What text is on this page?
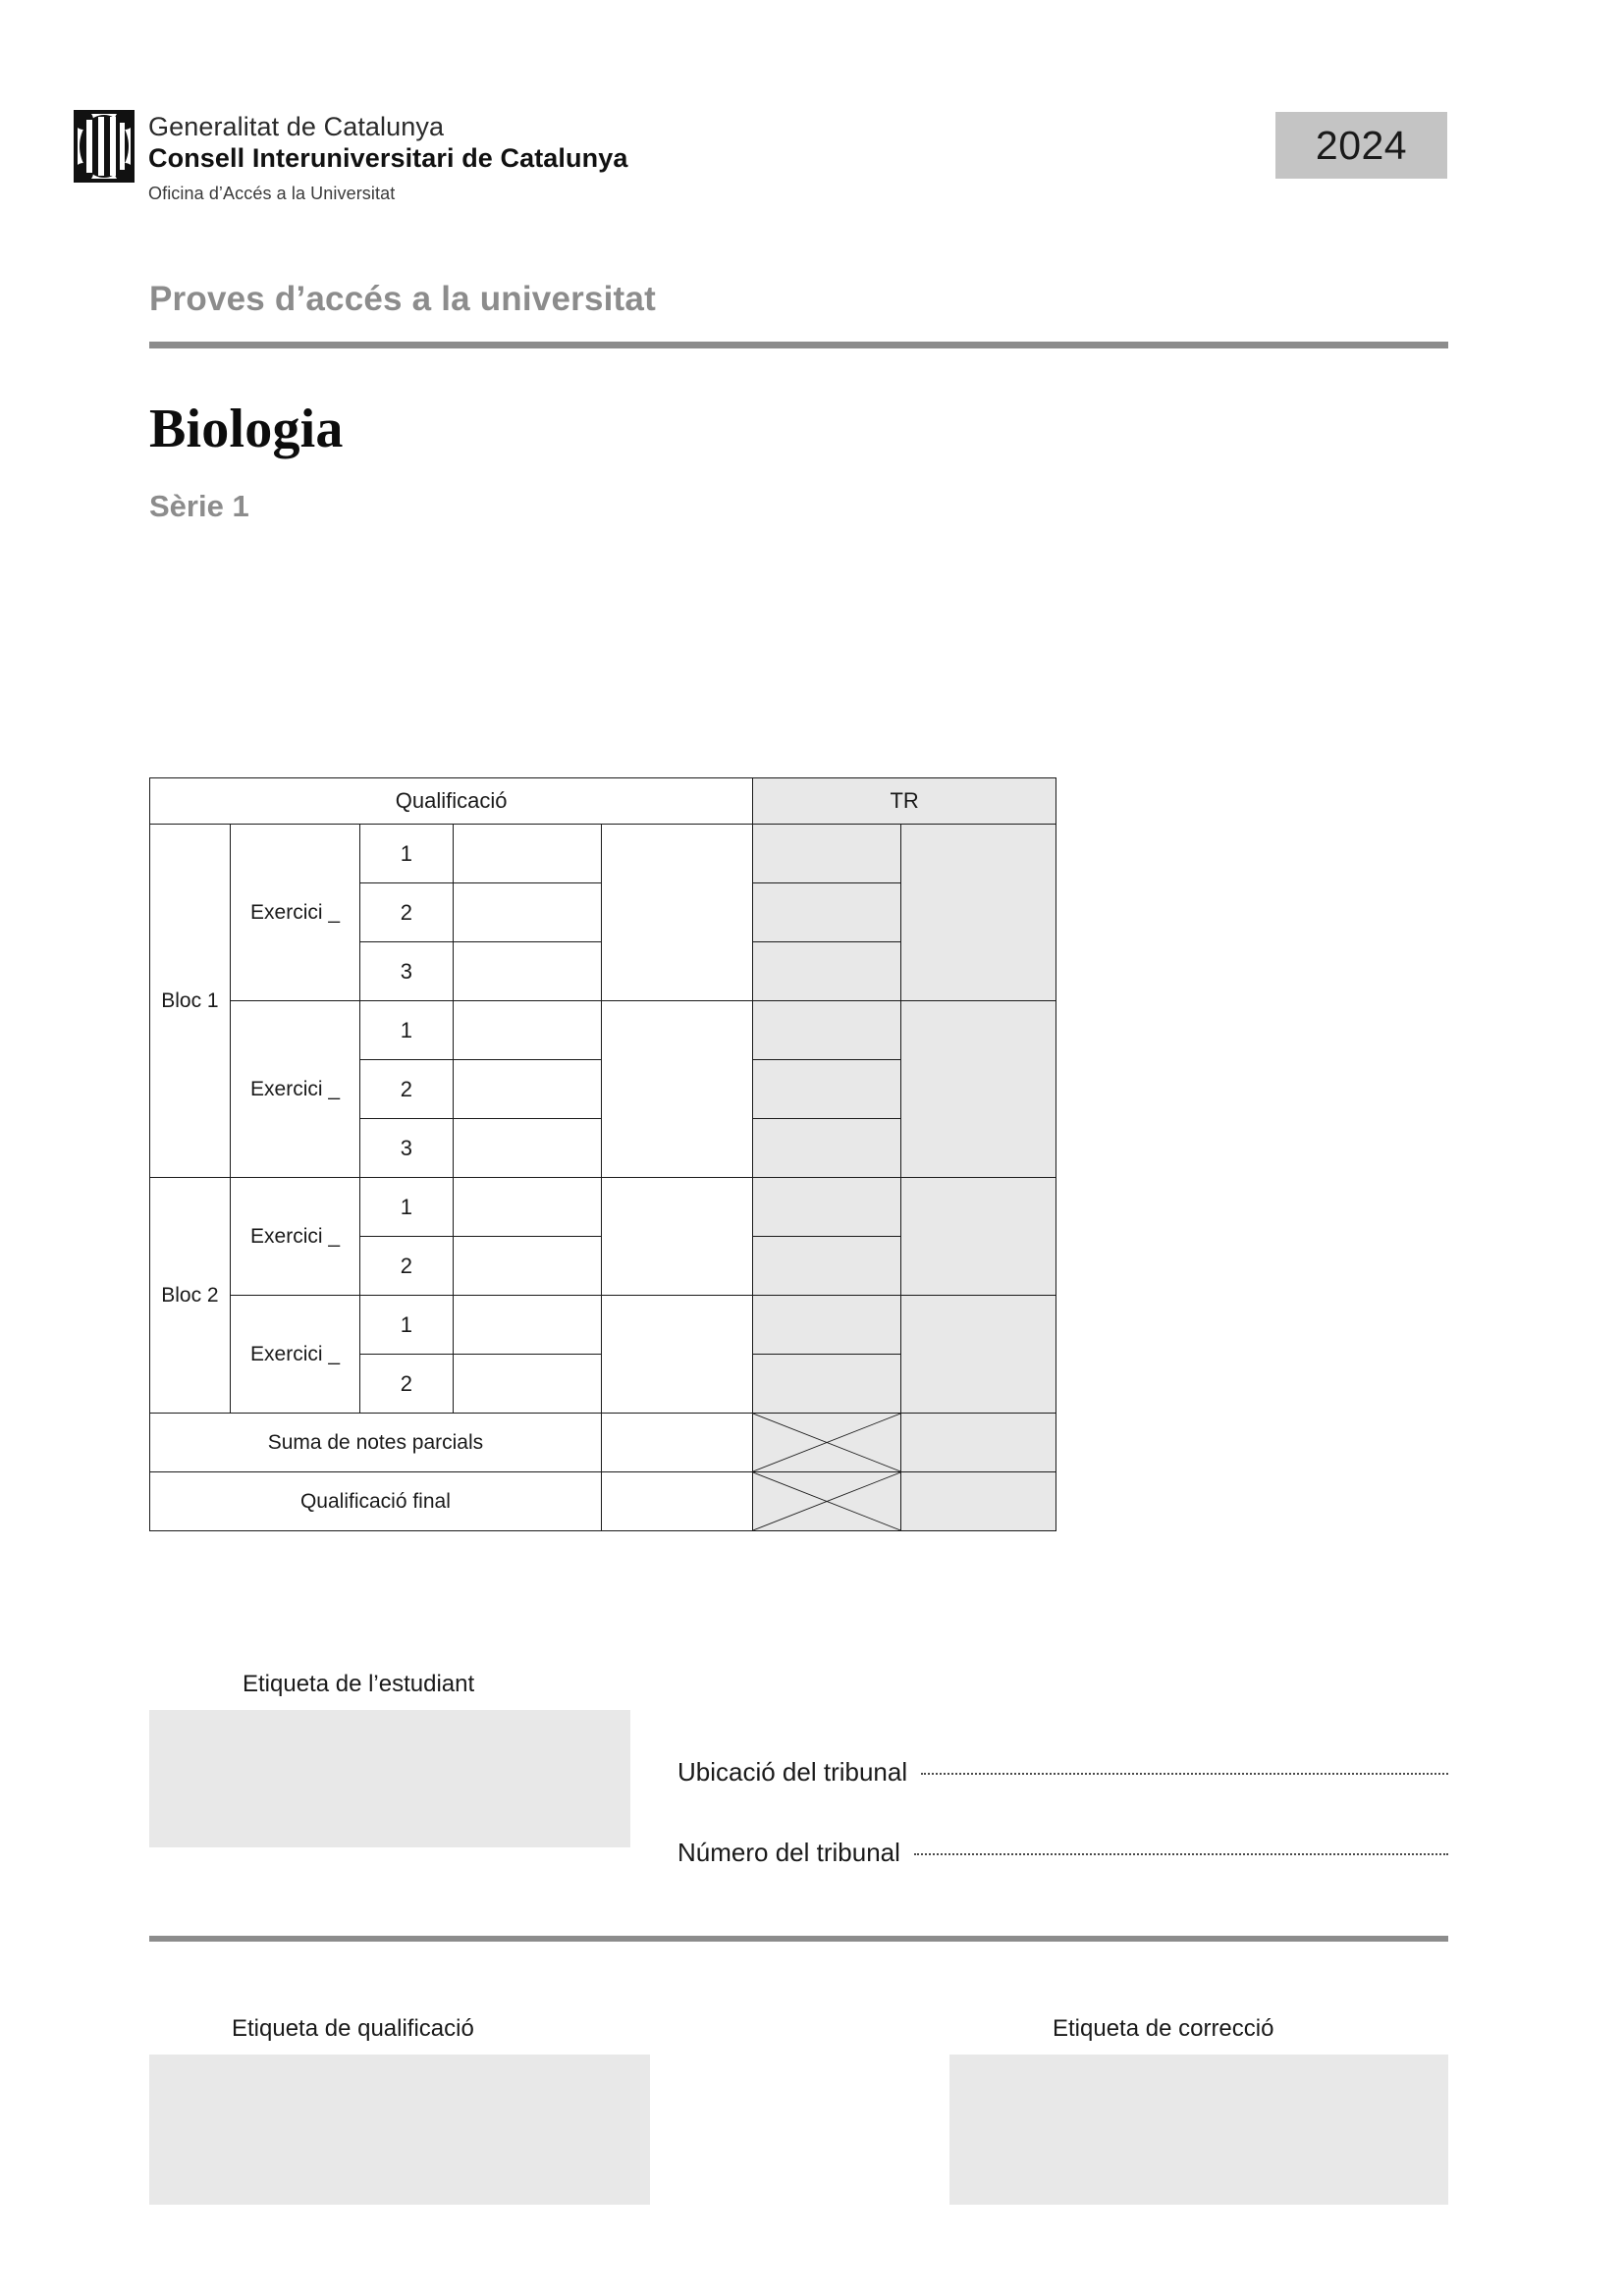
Generalitat de Catalunya
Consell Interuniversitari de Catalunya
Oficina d’Accés a la Universitat
2024
Proves d’accés a la universitat
Biologia
Sèrie 1
Qualificació					TR	
Bloc 1	Exercici _	1				
		2				
		3				
	Exercici _	1				
		2				
		3				
Bloc 2	Exercici _	1				
		2				
	Exercici _	1				
		2				
Suma de notes parcials		

Qualificació final		

Etiqueta de l’estudiant
Ubicació del tribunal
Número del tribunal
Etiqueta de qualificació	Etiqueta de correcció
